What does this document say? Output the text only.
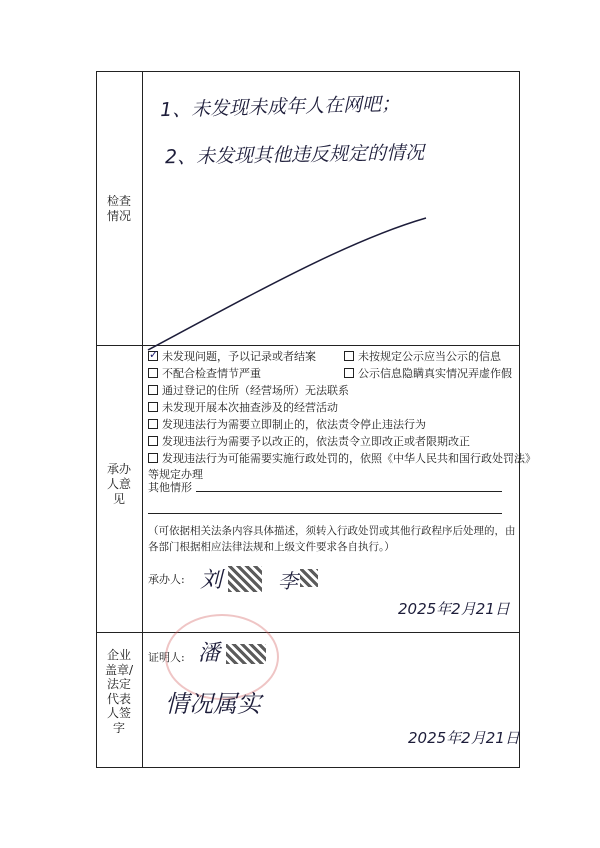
检查
情况
1、未发现未成年人在网吧；
2、未发现其他违反规定的情况
承办
人意
见
✓未发现问题，予以记录或者结案	未按规定公示应当公示的信息
不配合检查情节严重	公示信息隐瞒真实情况弄虚作假
通过登记的住所（经营场所）无法联系
未发现开展本次抽查涉及的经营活动
发现违法行为需要立即制止的，依法责令停止违法行为
发现违法行为需要予以改正的，依法责令立即改正或者限期改正
发现违法行为可能需要实施行政处罚的，依照《中华人民共和国行政处罚法》
等规定办理
其他情形
（可依据相关法条内容具体描述，须转入行政处罚或其他行政程序后处理的，由
各部门根据相应法律法规和上级文件要求各自执行。）
承办人: 刘	李
2025年2月21日
企业
盖章/
法定
代表
人签
字
证明人: 潘
情况属实
2025年2月21日
